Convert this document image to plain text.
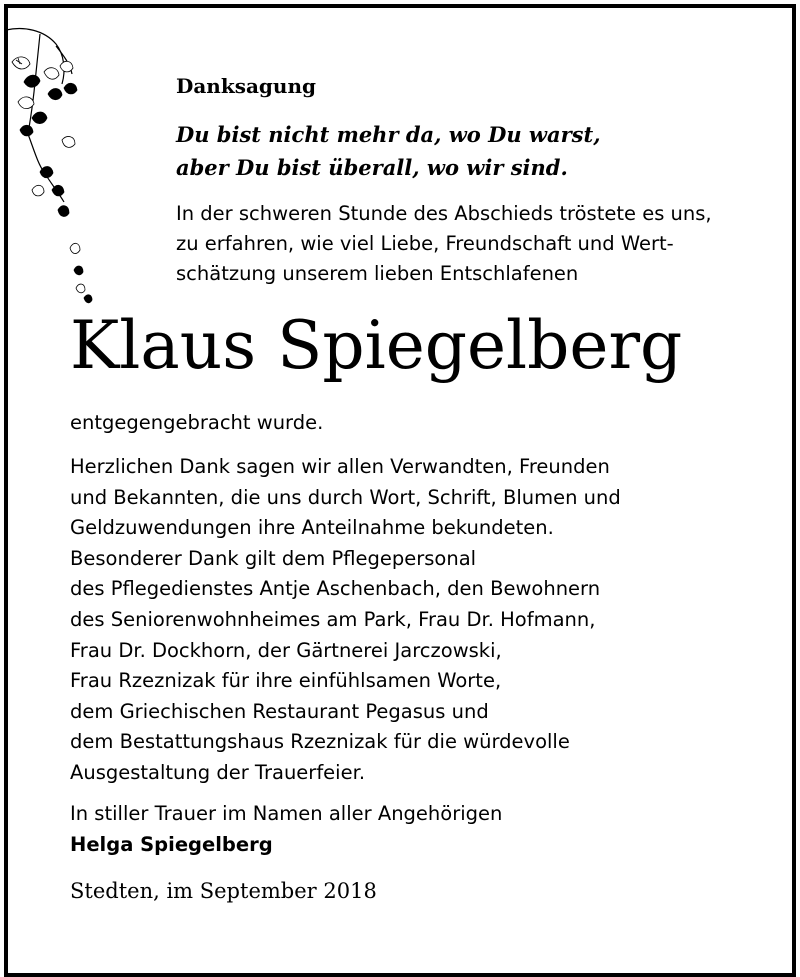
Danksagung

Du bist nicht mehr da, wo Du warst,
aber Du bist überall, wo wir sind.

In der schweren Stunde des Abschieds tröstete es uns,
zu erfahren, wie viel Liebe, Freundschaft und Wert-
schätzung unserem lieben Entschlafenen

Klaus Spiegelberg
entgegengebracht wurde.

Herzlichen Dank sagen wir allen Verwandten, Freunden
und Bekannten, die uns durch Wort, Schrift, Blumen und
Geldzuwendungen ihre Anteilnahme bekundeten.
Besonderer Dank gilt dem Pflegepersonal
des Pflegedienstes Antje Aschenbach, den Bewohnern
des Seniorenwohnheimes am Park, Frau Dr. Hofmann,
Frau Dr. Dockhorn, der Gärtnerei Jarczowski,
Frau Rzeznizak für ihre einfühlsamen Worte,
dem Griechischen Restaurant Pegasus und
dem Bestattungshaus Rzeznizak für die würdevolle
Ausgestaltung der Trauerfeier.

In stiller Trauer im Namen aller Angehörigen
Helga Spiegelberg
Stedten, im September 2018
